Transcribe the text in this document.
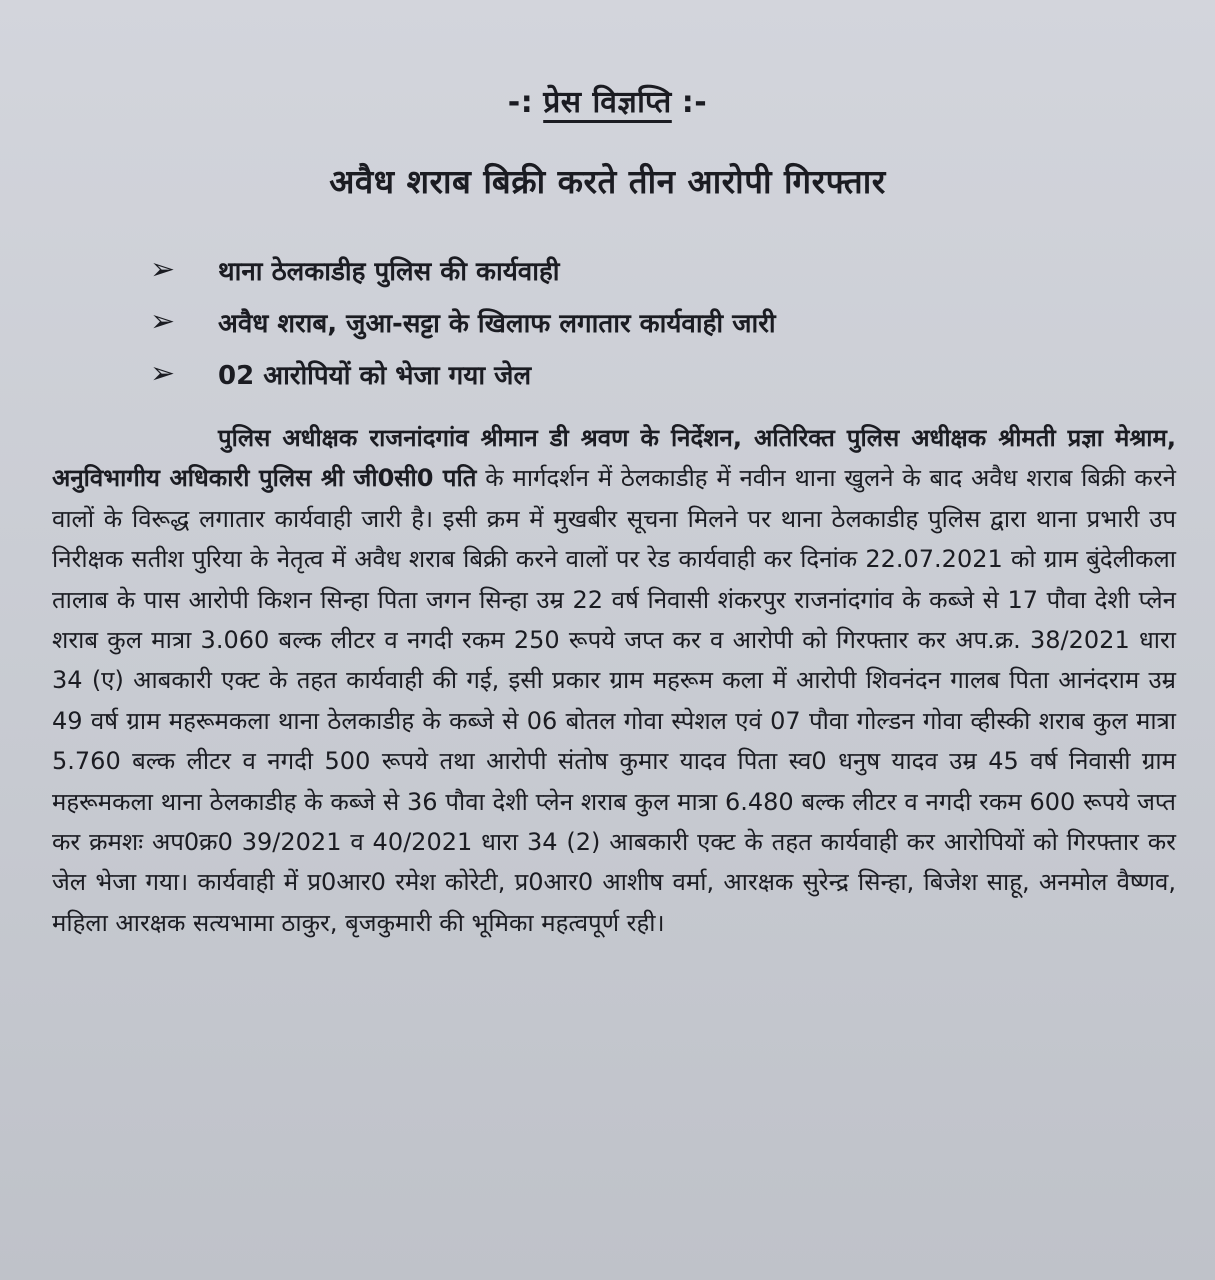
-: प्रेस विज्ञप्ति :-
अवैध शराब बिक्री करते तीन आरोपी गिरफ्तार
➢	थाना ठेलकाडीह पुलिस की कार्यवाही
➢	अवैध शराब, जुआ-सट्टा के खिलाफ लगातार कार्यवाही जारी
➢	02 आरोपियों को भेजा गया जेल

पुलिस अधीक्षक राजनांदगांव श्रीमान डी श्रवण के निर्देशन, अतिरिक्त पुलिस अधीक्षक श्रीमती प्रज्ञा मेश्राम, अनुविभागीय अधिकारी पुलिस श्री जी0सी0 पति के मार्गदर्शन में ठेलकाडीह में नवीन थाना खुलने के बाद अवैध शराब बिक्री करने वालों के विरूद्ध लगातार कार्यवाही जारी है। इसी क्रम में मुखबीर सूचना मिलने पर थाना ठेलकाडीह पुलिस द्वारा थाना प्रभारी उप निरीक्षक सतीश पुरिया के नेतृत्व में अवैध शराब बिक्री करने वालों पर रेड कार्यवाही कर दिनांक 22.07.2021 को ग्राम बुंदेलीकला तालाब के पास आरोपी किशन सिन्हा पिता जगन सिन्हा उम्र 22 वर्ष निवासी शंकरपुर राजनांदगांव के कब्जे से 17 पौवा देशी प्लेन शराब कुल मात्रा 3.060 बल्क लीटर व नगदी रकम 250 रूपये जप्त कर व आरोपी को गिरफ्तार कर अप.क्र. 38/2021 धारा 34 (ए) आबकारी एक्ट के तहत कार्यवाही की गई, इसी प्रकार ग्राम महरूम कला में आरोपी शिवनंदन गालब पिता आनंदराम उम्र 49 वर्ष ग्राम महरूमकला थाना ठेलकाडीह के कब्जे से 06 बोतल गोवा स्पेशल एवं 07 पौवा गोल्डन गोवा व्हीस्की शराब कुल मात्रा 5.760 बल्क लीटर व नगदी 500 रूपये तथा आरोपी संतोष कुमार यादव पिता स्व0 धनुष यादव उम्र 45 वर्ष निवासी ग्राम महरूमकला थाना ठेलकाडीह के कब्जे से 36 पौवा देशी प्लेन शराब कुल मात्रा 6.480 बल्क लीटर व नगदी रकम 600 रूपये जप्त कर क्रमशः अप0क्र0 39/2021 व 40/2021 धारा 34 (2) आबकारी एक्ट के तहत कार्यवाही कर आरोपियों को गिरफ्तार कर जेल भेजा गया। कार्यवाही में प्र0आर0 रमेश कोरेटी, प्र0आर0 आशीष वर्मा, आरक्षक सुरेन्द्र सिन्हा, बिजेश साहू, अनमोल वैष्णव, महिला आरक्षक सत्यभामा ठाकुर, बृजकुमारी की भूमिका महत्वपूर्ण रही।
